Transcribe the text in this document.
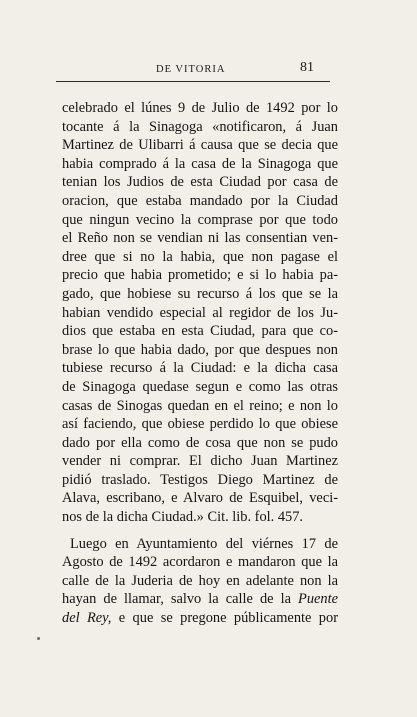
DE VITORIA	81
celebrado el lúnes 9 de Julio de 1492 por lo
tocante á la Sinagoga «notificaron, á Juan
Martinez de Ulibarri á causa que se decia que
habia comprado á la casa de la Sinagoga que
tenian los Judios de esta Ciudad por casa de
oracion, que estaba mandado por la Ciudad
que ningun vecino la comprase por que todo
el Reño non se vendian ni las consentian ven-
dree que si no la habia, que non pagase el
precio que habia prometido; e si lo habia pa-
gado, que hobiese su recurso á los que se la
habian vendido especial al regidor de los Ju-
dios que estaba en esta Ciudad, para que co-
brase lo que habia dado, por que despues non
tubiese recurso á la Ciudad: e la dicha casa
de Sinagoga quedase segun e como las otras
casas de Sinogas quedan en el reino; e non lo
así faciendo, que obiese perdido lo que obiese
dado por ella como de cosa que non se pudo
vender ni comprar. El dicho Juan Martinez
pidió traslado. Testigos Diego Martinez de
Alava, escribano, e Alvaro de Esquibel, veci-
nos de la dicha Ciudad.» Cit. lib. fol. 457.
Luego en Ayuntamiento del viérnes 17 de
Agosto de 1492 acordaron e mandaron que la
calle de la Juderia de hoy en adelante non la
hayan de llamar, salvo la calle de la Puente
del Rey, e que se pregone públicamente por
